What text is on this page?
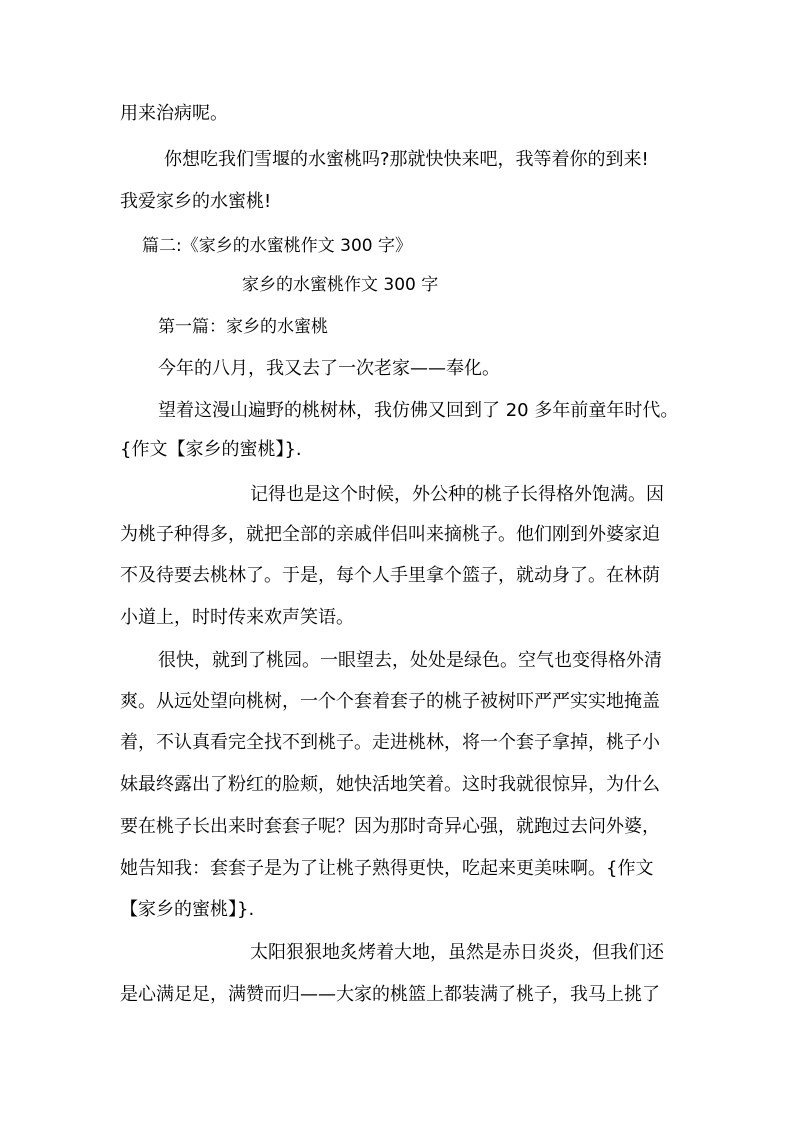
用来治病呢。
你想吃我们雪堰的水蜜桃吗?那就快快来吧，我等着你的到来!
我爱家乡的水蜜桃!
篇二:《家乡的水蜜桃作文 300 字》
家乡的水蜜桃作文 300 字
第一篇：家乡的水蜜桃
今年的八月，我又去了一次老家——奉化。
望着这漫山遍野的桃树林，我仿佛又回到了 20 多年前童年时代。
{作文【家乡的蜜桃】}.
记得也是这个时候，外公种的桃子长得格外饱满。因
为桃子种得多，就把全部的亲戚伴侣叫来摘桃子。他们刚到外婆家迫
不及待要去桃林了。于是，每个人手里拿个篮子，就动身了。在林荫
小道上，时时传来欢声笑语。
很快，就到了桃园。一眼望去，处处是绿色。空气也变得格外清
爽。从远处望向桃树，一个个套着套子的桃子被树吓严严实实地掩盖
着，不认真看完全找不到桃子。走进桃林，将一个套子拿掉，桃子小
妹最终露出了粉红的脸颊，她快活地笑着。这时我就很惊异，为什么
要在桃子长出来时套套子呢？因为那时奇异心强，就跑过去问外婆，
她告知我：套套子是为了让桃子熟得更快，吃起来更美味啊。{作文
【家乡的蜜桃】}.
太阳狠狠地炙烤着大地，虽然是赤日炎炎，但我们还
是心满足足，满赞而归——大家的桃篮上都装满了桃子，我马上挑了
